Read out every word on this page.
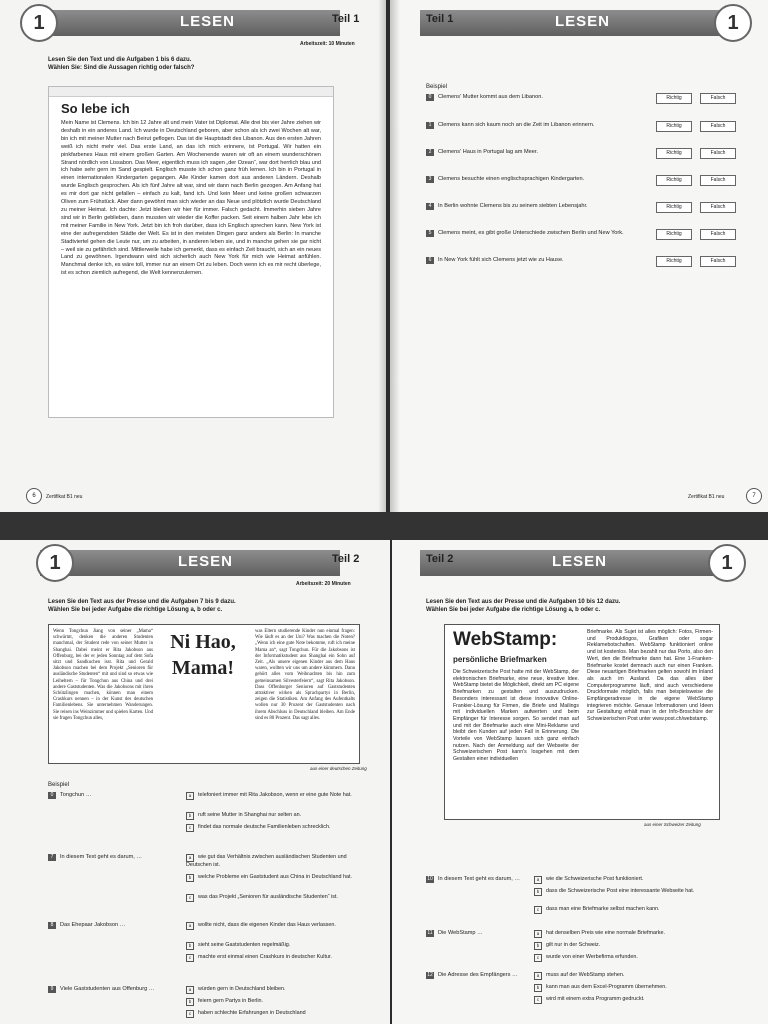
LESEN
1	Teil 1
Arbeitszeit: 10 Minuten
Lesen Sie den Text und die Aufgaben 1 bis 6 dazu.
Wählen Sie: Sind die Aussagen richtig oder falsch?
So lebe ich
Mein Name ist Clemens. Ich bin 12 Jahre alt und mein Vater ist Diplomat. Alle drei bis vier Jahre ziehen wir deshalb in ein anderes Land. Ich wurde in Deutschland geboren, aber schon als ich zwei Wochen alt war, bin ich mit meiner Mutter nach Beirut geflogen. Das ist die Hauptstadt des Libanon. Aus den ersten Jahren weiß ich nicht mehr viel. Das erste Land, an das ich mich erinnere, ist Portugal. Wir hatten ein pinkfarbenes Haus mit einem großen Garten. Am Wochenende waren wir oft an einem wunderschönen Strand nördlich von Lissabon. Das Meer, eigentlich muss ich sagen „der Ozean“, war dort herrlich blau und ich habe sehr gern im Sand gespielt. Englisch musste ich schon ganz früh lernen. Ich bin in Portugal in einen internationalen Kindergarten gegangen. Alle Kinder kamen dort aus anderen Ländern. Deshalb wurde Englisch gesprochen. Als ich fünf Jahre alt war, sind wir dann nach Berlin gezogen. Am Anfang hat es mir dort gar nicht gefallen – einfach zu kalt, fand ich. Und kein Meer und keine großen schwarzen Oliven zum Frühstück. Aber dann gewöhnt man sich wieder an das Neue und plötzlich wurde Deutschland zu meiner Heimat. Ich dachte: Jetzt bleiben wir hier für immer. Falsch gedacht. Immerhin sieben Jahre sind wir in Berlin geblieben, dann mussten wir wieder die Koffer packen. Seit einem halben Jahr lebe ich mit meiner Familie in New York. Jetzt bin ich froh darüber, dass ich Englisch sprechen kann. New York ist eine der aufregendsten Städte der Welt. Es ist in den meisten Dingen ganz anders als Berlin: In manche Stadtviertel gehen die Leute nur, um zu arbeiten, in anderen leben sie, und in manche gehen sie gar nicht – weil sie zu gefährlich sind. Mittlerweile habe ich gemerkt, dass es einfach Zeit braucht, sich an ein neues Land zu gewöhnen. Irgendwann wird sich sicherlich auch New York für mich wie Heimat anfühlen. Manchmal denke ich, es wäre toll, immer nur an einem Ort zu leben. Doch wenn ich es mir recht überlege, ist es schon ziemlich aufregend, die Welt kennenzulernen.
6	Zertifikat B1 neu
LESEN
Teil 1	1
Beispiel
0 Clemens' Mutter kommt aus dem Libanon.	Richtig	Falsch
1 Clemens kann sich kaum noch an die Zeit im Libanon erinnern.	Richtig	Falsch
2 Clemens' Haus in Portugal lag am Meer.	Richtig	Falsch
3 Clemens besuchte einen englischsprachigen Kindergarten.	Richtig	Falsch
4 In Berlin wohnte Clemens bis zu seinem siebten Lebensjahr.	Richtig	Falsch
5 Clemens meint, es gibt große Unterschiede zwischen Berlin und New York.	Richtig	Falsch
6 In New York fühlt sich Clemens jetzt wie zu Hause.	Richtig	Falsch
Zertifikat B1 neu	7
LESEN
1	Teil 2
Arbeitszeit: 20 Minuten
Lesen Sie den Text aus der Presse und die Aufgaben 7 bis 9 dazu.
Wählen Sie bei jeder Aufgabe die richtige Lösung a, b oder c.
Wenn Tongchun Jiang von seiner „Mama“ schwärmt, denken die anderen Studenten manchmal, der Student rede von seiner Mutter in Shanghai. Dabei meint er Rita Jakobson aus Offenburg, bei der er jeden Sonntag auf dem Sofa sitzt und Sandkuchen isst. Rita und Gerald Jakobson machen bei dem Projekt „Senioren für ausländische Studenten“ mit und sind so etwas wie Leiheltern – für Tongchun aus China und drei andere Gaststudenten. Was die Jakobsons mit ihren Schützlingen machen, können man einem Crashkurs nennen – in der Kunst des deutschen Familienlebens. Sie unternehmen Wanderungen. Sie reisen ins Weinzimmer und spielen Karten. Und sie fragen Tongchun alles,
Ni Hao, Mama!
was Eltern studierende Kinder nun einmal fragen: Wie läuft es an der Uni? Was machen die Noten? „Wenn ich eine gute Note bekomme, ruft ich meine Mama an“, sagt Tongchun. Für die Jakobsons ist der Informatikstudent aus Shanghai ein Sohn auf Zeit. „Als unsere eigenen Kinder aus dem Haus waren, wollten wir uns um andere kümmern. Dann gehört alles vom Weihnachten bis hin zum gemeinsamen Silvesterfeiern“, sagt Rita Jakobson. Dass Offenburger Senioren auf Gaststudenten attraktiver wirken als Sprachpartys in Berlin, zeigen die Statistiken. Am Anfang des Aufenthalts wollen nur 30 Prozent der Gaststudenten nach ihrem Abschluss in Deutschland bleiben. Am Ende sind es 80 Prozent. Das sagt alles.
aus einer deutschen Zeitung
Beispiel
0 Tongchun …	a telefoniert immer mit Rita Jakobson, wenn er eine gute Note hat.
b ruft seine Mutter in Shanghai nur selten an.
c findet das normale deutsche Familienleben schrecklich.
7 In diesem Text geht es darum, …	a wie gut das Verhältnis zwischen ausländischen Studenten und Deutschen ist.
b welche Probleme ein Gaststudent aus China in Deutschland hat.
c was das Projekt „Senioren für ausländische Studenten“ ist.
8 Das Ehepaar Jakobson …	a wollte nicht, dass die eigenen Kinder das Haus verlassen.
b sieht seine Gaststudenten regelmäßig.
c machte erst einmal einen Crashkurs in deutscher Kultur.
9 Viele Gaststudenten aus Offenburg …	a würden gern in Deutschland bleiben.
b feiern gern Partys in Berlin.
c haben schlechte Erfahrungen in Deutschland
LESEN
Teil 2	1
Lesen Sie den Text aus der Presse und die Aufgaben 10 bis 12 dazu.
Wählen Sie bei jeder Aufgabe die richtige Lösung a, b oder c.
WebStamp:
persönliche Briefmarken
Die Schweizerische Post hatte mit der WebStamp, der elektronischen Briefmarke, eine neue, kreative Idee. WebStamp bietet die Möglichkeit, direkt am PC eigene Briefmarken zu gestalten und auszudrucken. Besonders interessant ist diese innovative Online-Frankier-Lösung für Firmen, die Briefe und Mailings mit individuellen Marken aufwerten und beim Empfänger für Interesse sorgen. So sendet man auf und mit der Briefmarke auch eine Mini-Reklame und bleibt den Kunden auf jeden Fall in Erinnerung. Die Vorteile von WebStamp lassen sich ganz einfach nutzen. Nach der Anmeldung auf der Webseite der Schweizerischen Post kann's losgehen mit dem Gestalten einer individuellen
Briefmarke. Als Sujet ist alles möglich: Fotos, Firmen- und Produktlogos, Grafiken oder sogar Reklamebotschaften. WebStamp funktioniert online und ist kostenlos. Man bezahlt nur das Porto, also den Wert, den die Briefmarke dann hat. Eine 1-Franken-Briefmarke kostet demnach auch nur einen Franken. Diese neuartigen Briefmarken gelten sowohl im Inland als auch im Ausland. Da das alles über Computerprogramme läuft, sind auch verschiedene Druckformate möglich, falls man beispielsweise die Empfängeradresse in die eigene WebStamp integrieren möchte. Genaue Informationen und Ideen zur Gestaltung erhält man in der Info-Broschüre der Schweizerischen Post unter www.post.ch/webstamp.
aus einer Schweizer Zeitung
10 In diesem Text geht es darum, …	a wie die Schweizerische Post funktioniert.
b dass die Schweizerische Post eine interessante Webseite hat.
c dass man eine Briefmarke selbst machen kann.
11 Die WebStamp …	a hat denselben Preis wie eine normale Briefmarke.
b gilt nur in der Schweiz.
c wurde von einer Werbefirma erfunden.
12 Die Adresse des Empfängers …	a muss auf der WebStamp stehen.
b kann man aus dem Excel-Programm übernehmen.
c wird mit einem extra Programm gedruckt.
